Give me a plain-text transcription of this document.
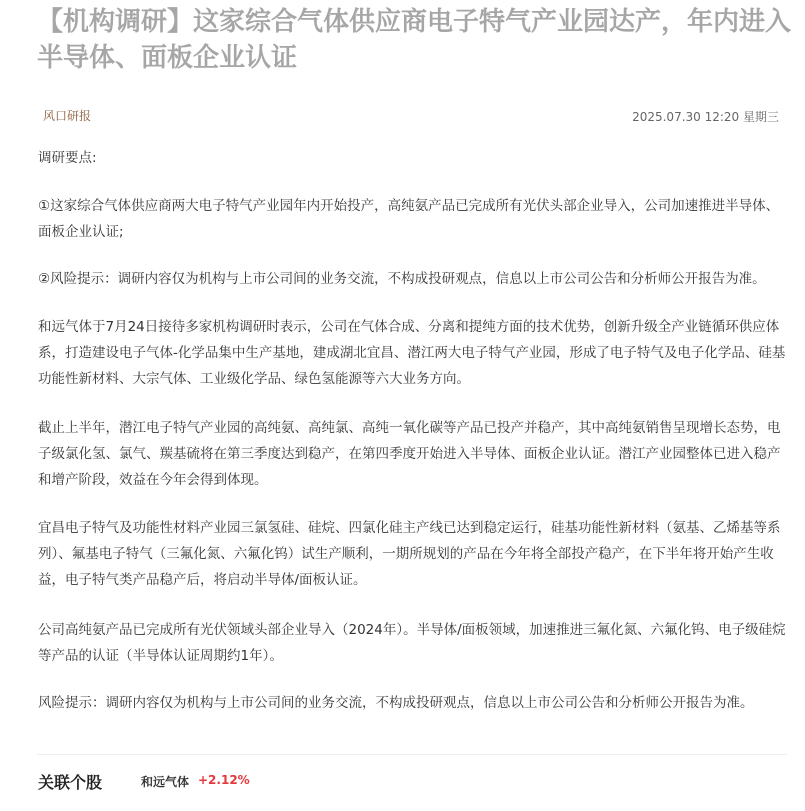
【机构调研】这家综合气体供应商电子特气产业园达产，年内进入半导体、面板企业认证
风口研报	2025.07.30 12:20 星期三

调研要点:

①这家综合气体供应商两大电子特气产业园年内开始投产，高纯氨产品已完成所有光伏头部企业导入，公司加速推进半导体、面板企业认证;

②风险提示：调研内容仅为机构与上市公司间的业务交流，不构成投研观点，信息以上市公司公告和分析师公开报告为准。

和远气体于7月24日接待多家机构调研时表示，公司在气体合成、分离和提纯方面的技术优势，创新升级全产业链循环供应体系，打造建设电子气体-化学品集中生产基地，建成湖北宜昌、潜江两大电子特气产业园，形成了电子特气及电子化学品、硅基功能性新材料、大宗气体、工业级化学品、绿色氢能源等六大业务方向。

截止上半年，潜江电子特气产业园的高纯氨、高纯氯、高纯一氧化碳等产品已投产并稳产，其中高纯氨销售呈现增长态势，电子级氯化氢、氯气、羰基硫将在第三季度达到稳产，在第四季度开始进入半导体、面板企业认证。潜江产业园整体已进入稳产和增产阶段，效益在今年会得到体现。

宜昌电子特气及功能性材料产业园三氯氢硅、硅烷、四氯化硅主产线已达到稳定运行，硅基功能性新材料（氨基、乙烯基等系列）、氟基电子特气（三氟化氮、六氟化钨）试生产顺利，一期所规划的产品在今年将全部投产稳产，在下半年将开始产生收益，电子特气类产品稳产后，将启动半导体/面板认证。

公司高纯氨产品已完成所有光伏领域头部企业导入（2024年）。半导体/面板领域，加速推进三氟化氮、六氟化钨、电子级硅烷等产品的认证（半导体认证周期约1年）。

风险提示：调研内容仅为机构与上市公司间的业务交流，不构成投研观点，信息以上市公司公告和分析师公开报告为准。

关联个股	和远气体 +2.12%
